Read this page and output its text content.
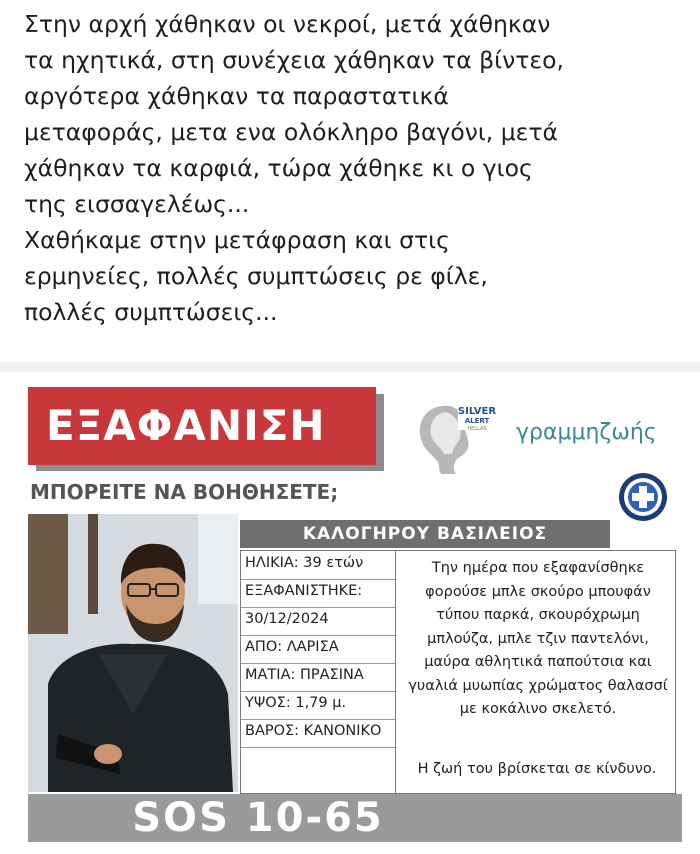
Στην αρχή χάθηκαν οι νεκροί, μετά χάθηκαν
τα ηχητικά, στη συνέχεια χάθηκαν τα βίντεο,
αργότερα χάθηκαν τα παραστατικά
μεταφοράς, μετα ενα ολόκληρο βαγόνι, μετά
χάθηκαν τα καρφιά, τώρα χάθηκε κι ο γιος
της εισσαγελέως...
Χαθήκαμε στην μετάφραση και στις
ερμηνείες, πολλές συμπτώσεις ρε φίλε,
πολλές συμπτώσεις...

ΕΞΑΦΑΝΙΣΗ
ΜΠΟΡΕΙΤΕ ΝΑ ΒΟΗΘΗΣΕΤΕ;
SILVER
ALERT
HELLAS γραμμηζωής
ΚΑΛΟΓΗΡΟΥ ΒΑΣΙΛΕΙΟΣ
ΗΛΙΚΙΑ: 39 ετών
ΕΞΑΦΑΝΙΣΤΗΚΕ:
30/12/2024
ΑΠΟ: ΛΑΡΙΣΑ
ΜΑΤΙΑ: ΠΡΑΣΙΝΑ
ΥΨΟΣ: 1,79 μ.
ΒΑΡΟΣ: ΚΑΝΟΝΙΚΟ
Την ημέρα που εξαφανίσθηκε φορούσε μπλε σκούρο μπουφάν τύπου παρκά, σκουρόχρωμη μπλούζα, μπλε τζιν παντελόνι, μαύρα αθλητικά παπούτσια και γυαλιά μυωπίας χρώματος θαλασσί με κοκάλινο σκελετό.
Η ζωή του βρίσκεται σε κίνδυνο.
SOS 10-65
